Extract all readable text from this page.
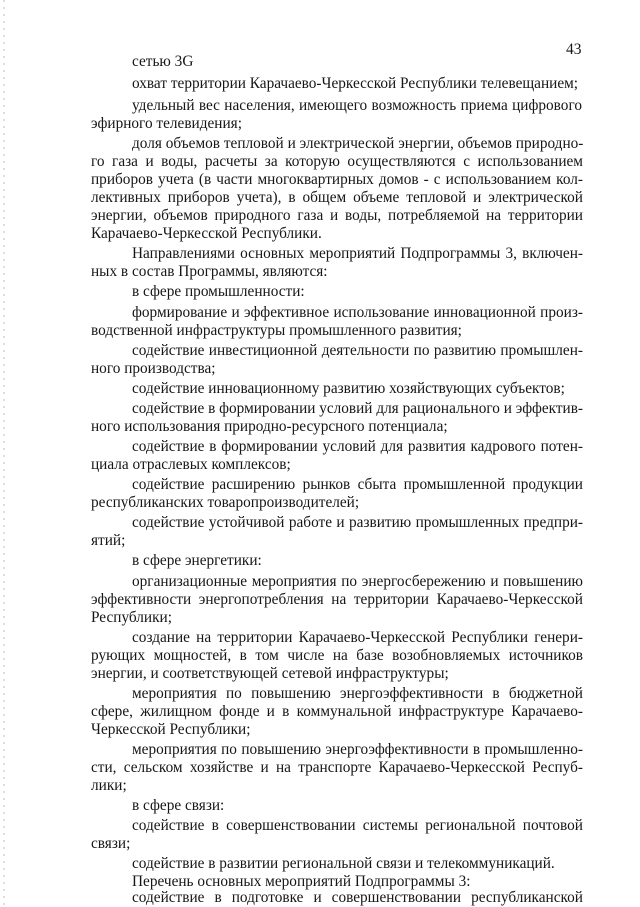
43
сетью 3G
охват территории Карачаево-Черкесской Республики телевещанием;
удельный вес населения, имеющего возможность приема цифрового
эфирного телевидения;
доля объемов тепловой и электрической энергии, объемов природно-
го газа и воды, расчеты за которую осуществляются с использованием
приборов учета (в части многоквартирных домов - с использованием кол-
лективных приборов учета), в общем объеме тепловой и электрической
энергии, объемов природного газа и воды, потребляемой на территории
Карачаево-Черкесской Республики.
Направлениями основных мероприятий Подпрограммы 3, включен-
ных в состав Программы, являются:
в сфере промышленности:
формирование и эффективное использование инновационной произ-
водственной инфраструктуры промышленного развития;
содействие инвестиционной деятельности по развитию промышлен-
ного производства;
содействие инновационному развитию хозяйствующих субъектов;
содействие в формировании условий для рационального и эффектив-
ного использования природно-ресурсного потенциала;
содействие в формировании условий для развития кадрового потен-
циала отраслевых комплексов;
содействие расширению рынков сбыта промышленной продукции
республиканских товаропроизводителей;
содействие устойчивой работе и развитию промышленных предпри-
ятий;
в сфере энергетики:
организационные мероприятия по энергосбережению и повышению
эффективности энергопотребления на территории Карачаево-Черкесской
Республики;
создание на территории Карачаево-Черкесской Республики генери-
рующих мощностей, в том числе на базе возобновляемых источников
энергии, и соответствующей сетевой инфраструктуры;
мероприятия по повышению энергоэффективности в бюджетной
сфере, жилищном фонде и в коммунальной инфраструктуре Карачаево-
Черкесской Республики;
мероприятия по повышению энергоэффективности в промышленно-
сти, сельском хозяйстве и на транспорте Карачаево-Черкесской Респуб-
лики;
в сфере связи:
содействие в совершенствовании системы региональной почтовой
связи;
содействие в развитии региональной связи и телекоммуникаций.
Перечень основных мероприятий Подпрограммы 3:
содействие в подготовке и совершенствовании республиканской
